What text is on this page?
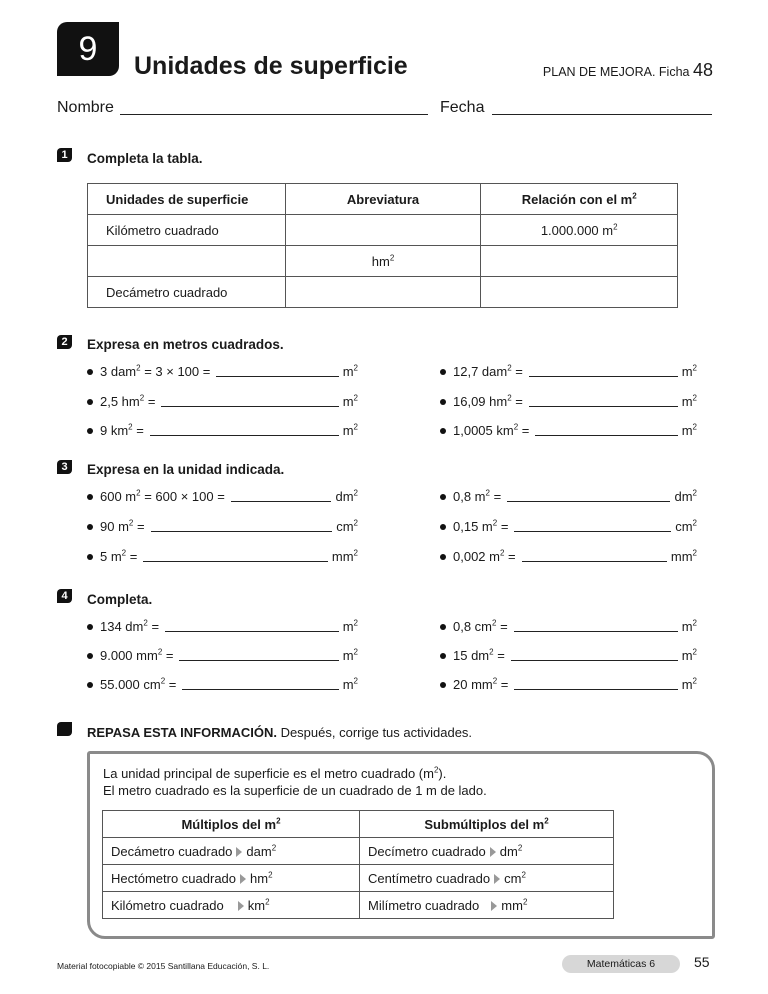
9	Unidades de superficie	PLAN DE MEJORA. Ficha 48
Nombre	Fecha
1	Completa la tabla.
Unidades de superficie	Abreviatura	Relación con el $m^2$
Kilómetro cuadrado		1.000.000 $m^2$
	$hm^2$	
Decámetro cuadrado		
2	Expresa en metros cuadrados.
3 dam$^2$ = 3 × 100 =	$m^2$
2,5 $hm^2$ =	$m^2$
9 $km^2$ =	$m^2$
12,7 dam$^2$ =	$m^2$
16,09 $hm^2$ =	$m^2$
1,0005 $km^2$ =	$m^2$
3	Expresa en la unidad indicada.
600 $m^2 = 600 \times 100$ =	$dm^2$
90 $m^2$ =	$cm^2$
5 $m^2$ =	$mm^2$
0,8 $m^2$ =	$dm^2$
0,15 $m^2$ =	$cm^2$
0,002 $m^2$ =	$mm^2$
4	Completa.
134 $dm^2$ =	$m^2$
9.000 $mm^2$ =	$m^2$
55.000 $cm^2$ =	$m^2$
0,8 $cm^2$ =	$m^2$
15 $dm^2$ =	$m^2$
20 $mm^2$ =	$m^2$
REPASA ESTA INFORMACIÓN. Después, corrige tus actividades.
La unidad principal de superficie es el metro cuadrado $(m^2)$.
El metro cuadrado es la superficie de un cuadrado de 1 m de lado.
Múltiplos del $m^2$	Submúltiplos del $m^2$
Decámetro cuadrado dam$^2$	Decímetro cuadrado $dm^2$
Hectómetro cuadrado $hm^2$	Centímetro cuadrado $cm^2$
Kilómetro cuadrado $km^2$	Milímetro cuadrado $mm^2$
Material fotocopiable © 2015 Santillana Educación, S. L.	Matemáticas 6	55
